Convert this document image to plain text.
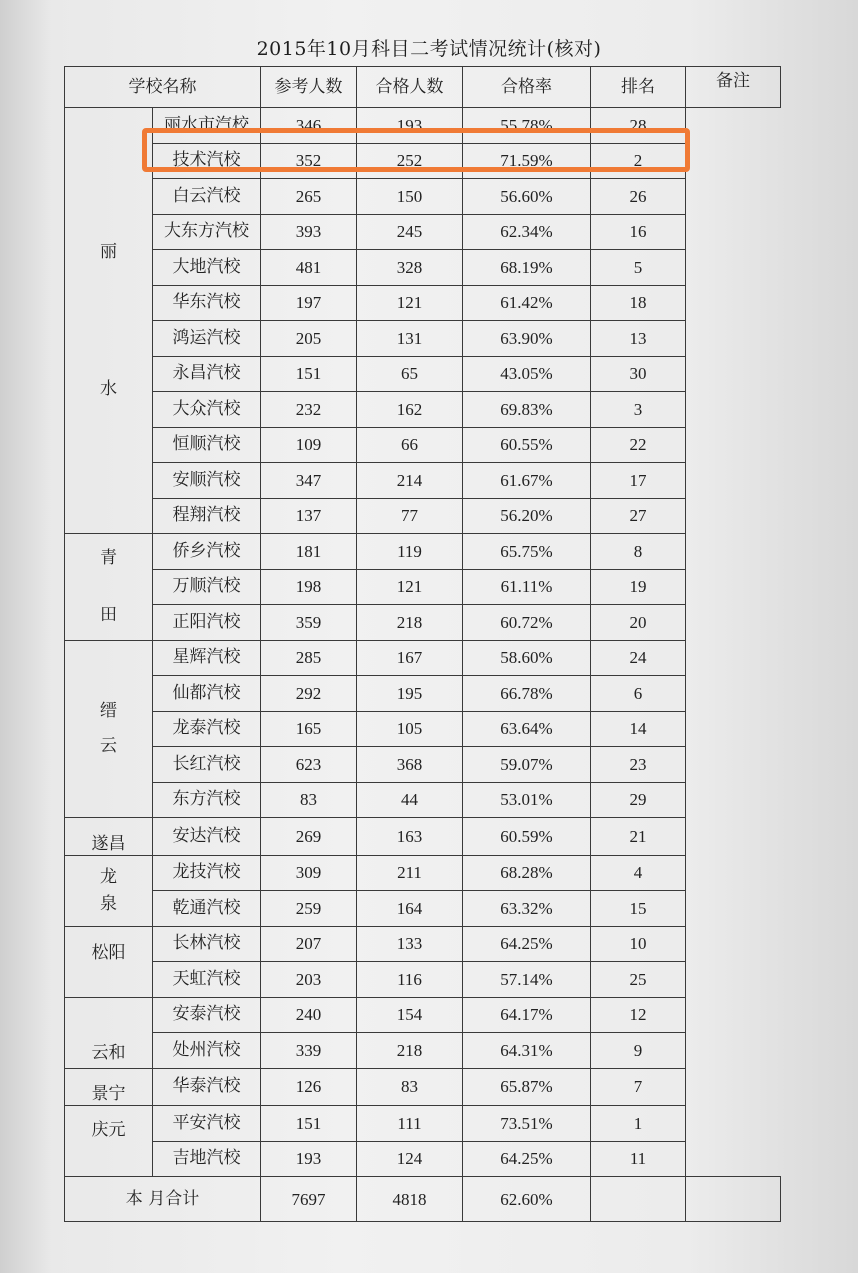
2015年10月科目二考试情况统计(核对)
学校名称		参考人数	合格人数	合格率	排名	备注

丽
水	丽水市汽校	346	193	55.78%	28	
	技术汽校	352	252	71.59%	2	
	白云汽校	265	150	56.60%	26	
	大东方汽校	393	245	62.34%	16	
	大地汽校	481	328	68.19%	5	
	华东汽校	197	121	61.42%	18	
	鸿运汽校	205	131	63.90%	13	
	永昌汽校	151	65	43.05%	30	
	大众汽校	232	162	69.83%	3	
	恒顺汽校	109	66	60.55%	22	
	安顺汽校	347	214	61.67%	17	
	程翔汽校	137	77	56.20%	27	

青
田	侨乡汽校	181	119	65.75%	8	
	万顺汽校	198	121	61.11%	19	
	正阳汽校	359	218	60.72%	20	

缙
云	星辉汽校	285	167	58.60%	24	
	仙都汽校	292	195	66.78%	6	
	龙泰汽校	165	105	63.64%	14	
	长红汽校	623	368	59.07%	23	
	东方汽校	83	44	53.01%	29	
遂昌	安达汽校	269	163	60.59%	21	

龙
泉	龙技汽校	309	211	68.28%	4	
	乾通汽校	259	164	63.32%	15	
松阳	长林汽校	207	133	64.25%	10	
	天虹汽校	203	116	57.14%	25	
云和	安泰汽校	240	154	64.17%	12	
	处州汽校	339	218	64.31%	9	
景宁	华泰汽校	126	83	65.87%	7	
庆元	平安汽校	151	111	73.51%	1	
	吉地汽校	193	124	64.25%	11	
本 月合计		7697	4818	62.60%		
